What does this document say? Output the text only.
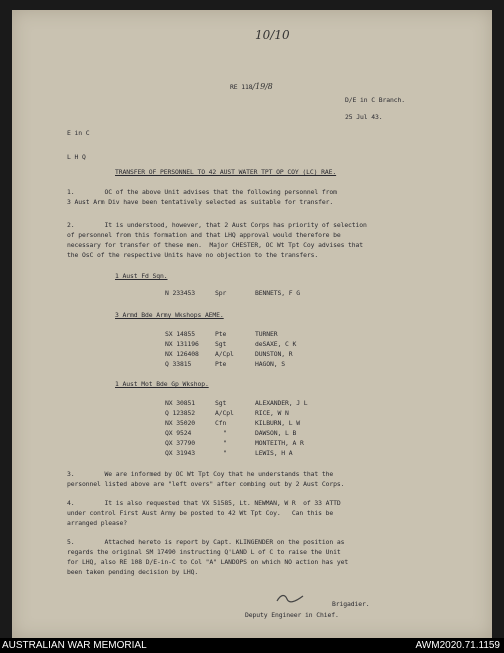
10/10

RE 118/19/8

D/E in C Branch.
25 Jul 43.
E in C
L H Q
TRANSFER OF PERSONNEL TO 42 AUST WATER TPT OP COY (LC) RAE.
1.        OC of the above Unit advises that the following personnel from
3 Aust Arm Div have been tentatively selected as suitable for transfer.
2.        It is understood, however, that 2 Aust Corps has priority of selection
of personnel from this formation and that LHQ approval would therefore be
necessary for transfer of these men.  Major CHESTER, OC Wt Tpt Coy advises that
the OsC of the respective Units have no objection to the transfers.
1 Aust Fd Sqn.
N 233453	Spr	BENNETS, F G
3 Armd Bde Army Wkshops AEME.
SX 14855	Pte	TURNER
NX 131196	Sgt	deSAXE, C K
NX 126408	A/Cpl	DUNSTON, R
Q 33815	Pte	HAGON, S
1 Aust Mot Bde Gp Wkshop.
NX 30851	Sgt	ALEXANDER, J L
Q 123852	A/Cpl	RICE, W N
NX 35020	Cfn	KILBURN, L W
QX 9524	"	DAWSON, L B
QX 37790	"	MONTEITH, A R
QX 31943	"	LEWIS, H A
3.        We are informed by OC Wt Tpt Coy that he understands that the
personnel listed above are "left overs" after combing out by 2 Aust Corps.
4.        It is also requested that VX 51585, Lt. NEWMAN, W R  of 33 ATTD
under control First Aust Army be posted to 42 Wt Tpt Coy.   Can this be
arranged please?
5.        Attached hereto is report by Capt. KLINGENDER on the position as
regards the original SM 17490 instructing Q'LAND L of C to raise the Unit
for LHQ, also RE 108 D/E-in-C to Col "A" LANDOPS on which NO action has yet
been taken pending decision by LHQ.
Brigadier.
Deputy Engineer in Chief.
AUSTRALIAN WAR MEMORIAL	AWM2020.71.1159
